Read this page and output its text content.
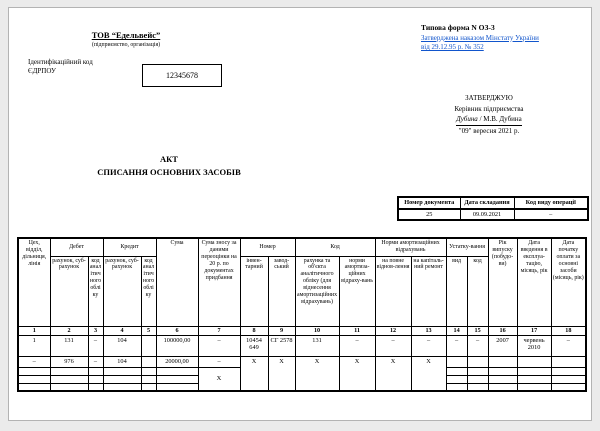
ТОВ “Едельвейс”
(підприємство, організація)
Ідентифікаційний код
ЄДРПОУ	12345678
Типова форма N ОЗ-3
Затверджена наказом Мінстату України
від 29.12.95 р. № 352
ЗАТВЕРДЖУЮ
Керівник підприємства
Дубина / М.В. Дубина
"09" вересня 2021 р.
АКТ
СПИСАННЯ ОСНОВНИХ ЗАСОБІВ
Номер документа	Дата складання	Код виду операції
25	09.09.2021	–
Цех, відділ, дільниця, лінія	Дебет		Кредит		Сума	Сума зносу за даними переоцінки на 20 р. по документах придбання	Номер		Код		Норми амортизаційних відрахувань		Устатку-вання		Рік випуску (побудо-ви)	Дата введення в експлуа-тацію, місяць, рік	Дата початку оплати за основні засоби (місяць, рік)
	рахунок, суб-рахунок	код аналітичного обліку	рахунок, суб-рахунок	код аналітичного обліку			інвен-тарний	завод-ський	рахунка та об'єкта аналітичного обліку (для віднесення амортизаційних відрахувань)	норми амортиза-ційних відраху-вань	на повне віднов-лення	на капіталь-ний ремонт	вид	код			
1	2	3	4	5	6	7	8	9	10	11	12	13	14	15	16	17	18
1	131	–	104		100000,00	–	10454 649	СГ 2578	131	–	–	–	–	–	2007	червень 2010	–
–	976	–	104		20000,00	–	X	X	X	X	X	X					
						X											
